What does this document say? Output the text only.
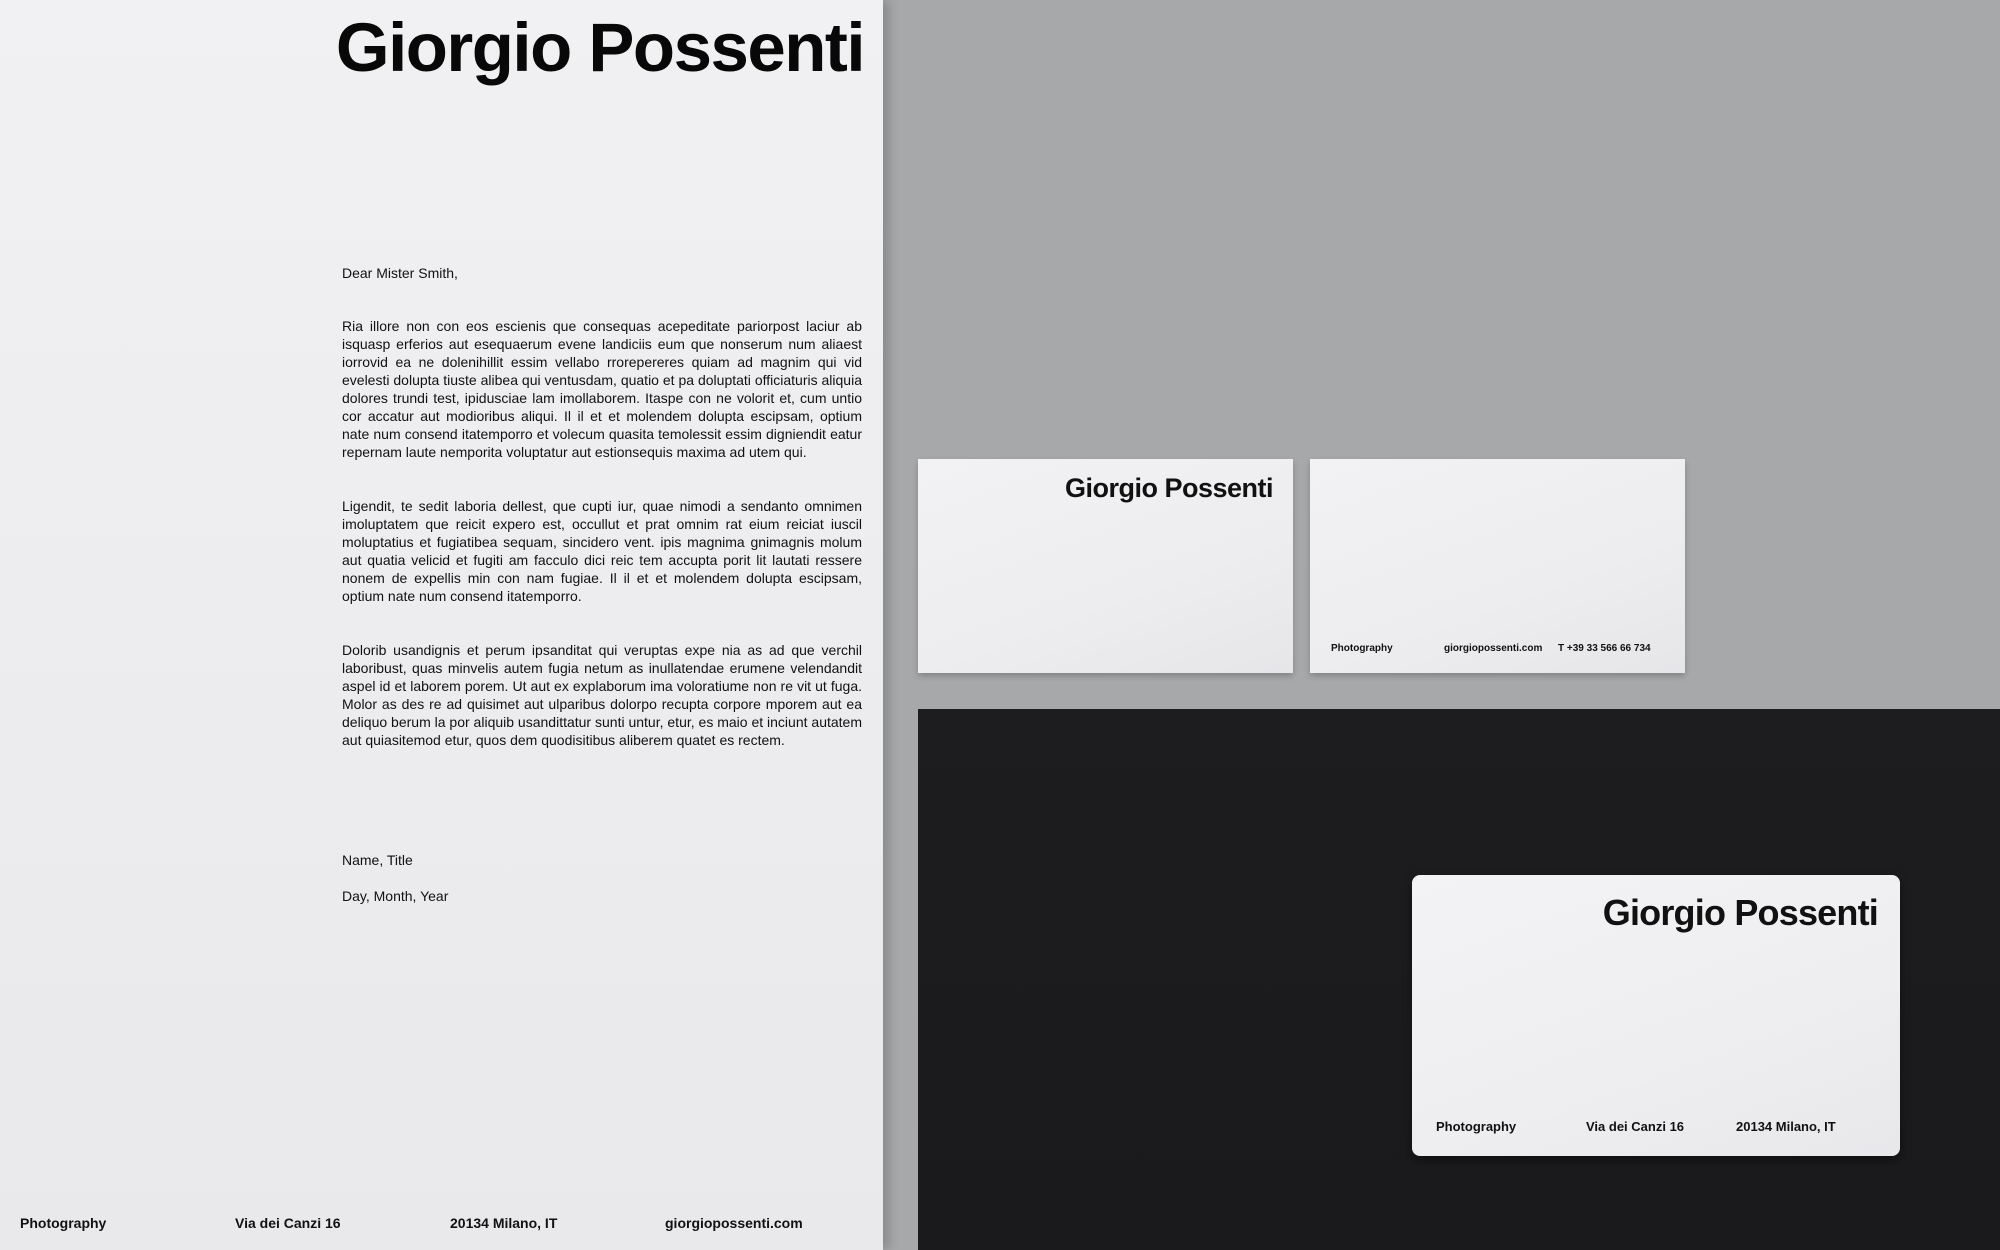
Giorgio Possenti

Dear Mister Smith,

Ria illore non con eos escienis que consequas acepeditate pariorpost laciur ab isquasp erferios aut esequaerum evene landiciis eum que nonserum num aliaest iorrovid ea ne dolenihillit essim vellabo rrorepereres quiam ad magnim qui vid evelesti dolupta tiuste alibea qui ventusdam, quatio et pa doluptati officiaturis aliquia dolores trundi test, ipidusciae lam imollaborem. Itaspe con ne volorit et, cum untio cor accatur aut modioribus aliqui. Il il et et molendem dolupta escipsam, optium nate num consend itatemporro et volecum quasita temolessit essim digniendit eatur repernam laute nemporita voluptatur aut estionsequis maxima ad utem qui.

Ligendit, te sedit laboria dellest, que cupti iur, quae nimodi a sendanto omnimen imoluptatem que reicit expero est, occullut et prat omnim rat eium reiciat iuscil moluptatius et fugiatibea sequam, sincidero vent. ipis magnima gnimagnis molum aut quatia velicid et fugiti am facculo dici reic tem accupta porit lit lautati ressere nonem de expellis min con nam fugiae. Il il et et molendem dolupta escipsam, optium nate num consend itatemporro.

Dolorib usandignis et perum ipsanditat qui veruptas expe nia as ad que verchil laboribust, quas minvelis autem fugia netum as inullatendae erumene velendandit aspel id et laborem porem. Ut aut ex explaborum ima voloratiume non re vit ut fuga. Molor as des re ad quisimet aut ulparibus dolorpo recupta corpore mporem aut ea deliquo berum la por aliquib usandittatur sunti untur, etur, es maio et inciunt autatem aut quiasitemod etur, quos dem quodisitibus aliberem quatet es rectem.

Name, Title
Day, Month, Year
Photography	Via dei Canzi 16	20134 Milano, IT	giorgiopossenti.com
Giorgio Possenti
Photography	giorgiopossenti.com T +39 33 566 66 734
Giorgio Possenti
Photography	Via dei Canzi 16	20134 Milano, IT
